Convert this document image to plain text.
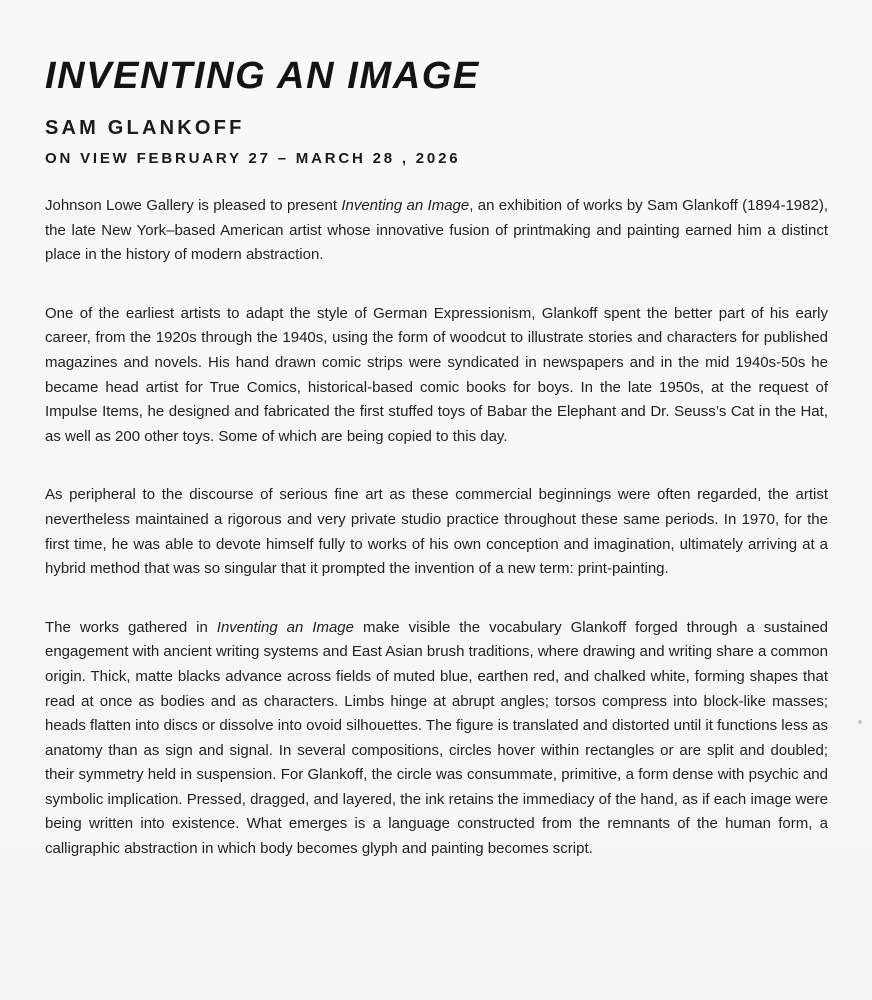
INVENTING AN IMAGE
SAM GLANKOFF
ON VIEW FEBRUARY 27 – MARCH 28 , 2026

Johnson Lowe Gallery is pleased to present Inventing an Image, an exhibition of works by Sam Glankoff (1894-1982), the late New York–based American artist whose innovative fusion of printmaking and painting earned him a distinct place in the history of modern abstraction.

One of the earliest artists to adapt the style of German Expressionism, Glankoff spent the better part of his early career, from the 1920s through the 1940s, using the form of woodcut to illustrate stories and characters for published magazines and novels. His hand drawn comic strips were syndicated in newspapers and in the mid 1940s-50s he became head artist for True Comics, historical-based comic books for boys. In the late 1950s, at the request of Impulse Items, he designed and fabricated the first stuffed toys of Babar the Elephant and Dr. Seuss’s Cat in the Hat, as well as 200 other toys. Some of which are being copied to this day.

As peripheral to the discourse of serious fine art as these commercial beginnings were often regarded, the artist nevertheless maintained a rigorous and very private studio practice throughout these same periods. In 1970, for the first time, he was able to devote himself fully to works of his own conception and imagination, ultimately arriving at a hybrid method that was so singular that it prompted the invention of a new term: print-painting.

The works gathered in Inventing an Image make visible the vocabulary Glankoff forged through a sustained engagement with ancient writing systems and East Asian brush traditions, where drawing and writing share a common origin. Thick, matte blacks advance across fields of muted blue, earthen red, and chalked white, forming shapes that read at once as bodies and as characters. Limbs hinge at abrupt angles; torsos compress into block-like masses; heads flatten into discs or dissolve into ovoid silhouettes. The figure is translated and distorted until it functions less as anatomy than as sign and signal. In several compositions, circles hover within rectangles or are split and doubled; their symmetry held in suspension. For Glankoff, the circle was consummate, primitive, a form dense with psychic and symbolic implication. Pressed, dragged, and layered, the ink retains the immediacy of the hand, as if each image were being written into existence. What emerges is a language constructed from the remnants of the human form, a calligraphic abstraction in which body becomes glyph and painting becomes script.
